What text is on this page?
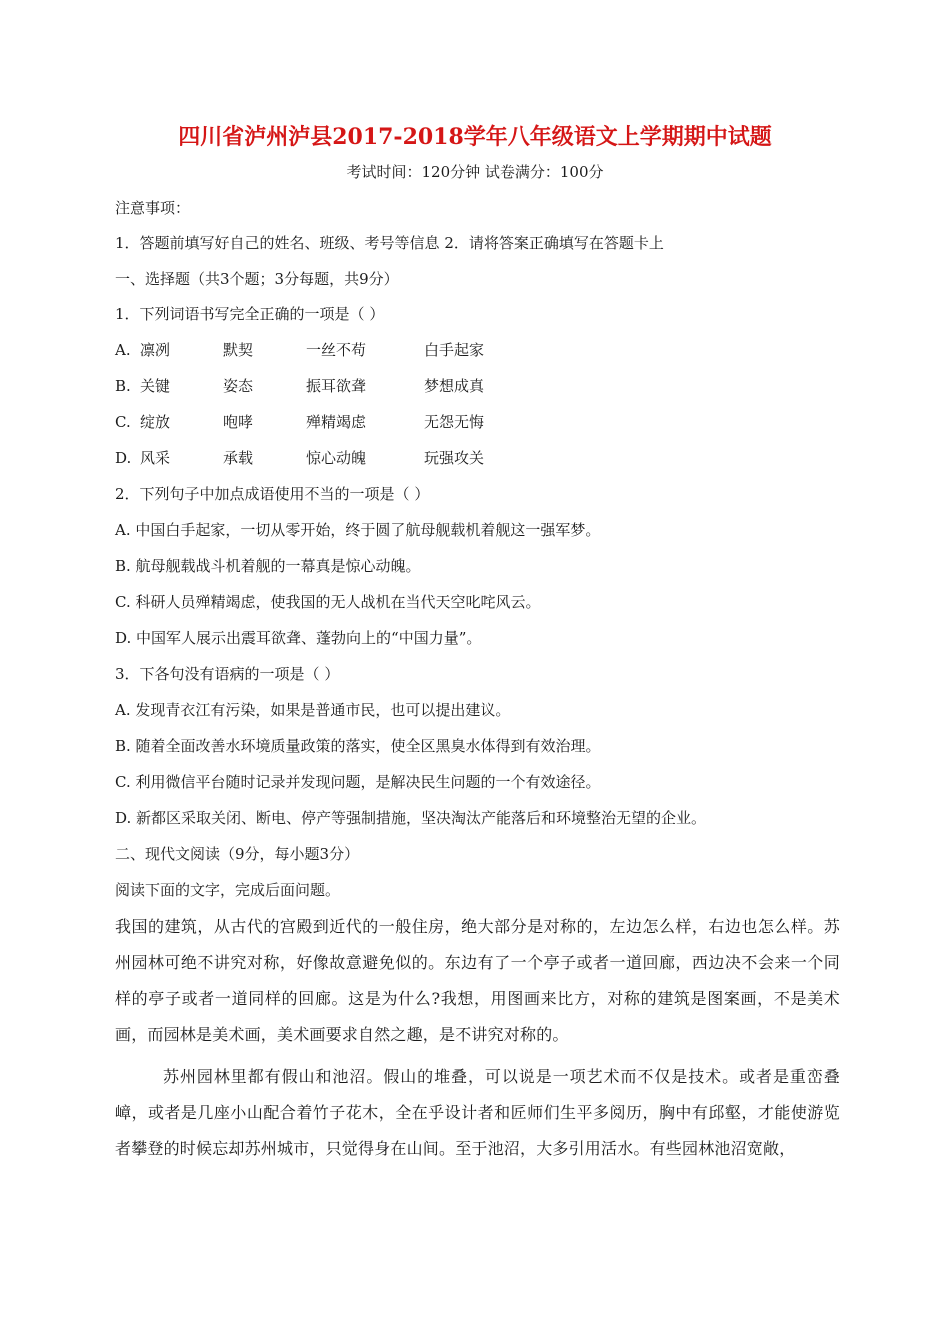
四川省泸州泸县2017-2018学年八年级语文上学期期中试题
考试时间：120分钟 试卷满分：100分
注意事项：
1．答题前填写好自己的姓名、班级、考号等信息 2．请将答案正确填写在答题卡上
一、选择题（共3个题；3分每题，共9分）
1．下列词语书写完全正确的一项是（ ）
A. 凛冽	默契	一丝不苟	白手起家
B. 关键	姿态	振耳欲聋	梦想成真
C. 绽放	咆哮	殚精竭虑	无怨无悔
D. 风采	承载	惊心动魄	玩强攻关
2．下列句子中加点成语使用不当的一项是（ ）
A. 中国白手起家，一切从零开始，终于圆了航母舰载机着舰这一强军梦。
B. 航母舰载战斗机着舰的一幕真是惊心动魄。
C. 科研人员殚精竭虑，使我国的无人战机在当代天空叱咤风云。
D. 中国军人展示出震耳欲聋、蓬勃向上的“中国力量”。
3．下各句没有语病的一项是（ ）
A. 发现青衣江有污染，如果是普通市民，也可以提出建议。
B. 随着全面改善水环境质量政策的落实，使全区黑臭水体得到有效治理。
C. 利用微信平台随时记录并发现问题，是解决民生问题的一个有效途径。
D. 新都区采取关闭、断电、停产等强制措施，坚决淘汰产能落后和环境整治无望的企业。
二、现代文阅读（9分，每小题3分）
阅读下面的文字，完成后面问题。

我国的建筑，从古代的宫殿到近代的一般住房，绝大部分是对称的，左边怎么样，右边也怎么样。苏州园林可绝不讲究对称，好像故意避免似的。东边有了一个亭子或者一道回廊，西边决不会来一个同样的亭子或者一道同样的回廊。这是为什么?我想，用图画来比方，对称的建筑是图案画，不是美术画，而园林是美术画，美术画要求自然之趣，是不讲究对称的。

苏州园林里都有假山和池沼。假山的堆叠，可以说是一项艺术而不仅是技术。或者是重峦叠嶂，或者是几座小山配合着竹子花木，全在乎设计者和匠师们生平多阅历，胸中有邱壑，才能使游览者攀登的时候忘却苏州城市，只觉得身在山间。至于池沼，大多引用活水。有些园林池沼宽敞，
